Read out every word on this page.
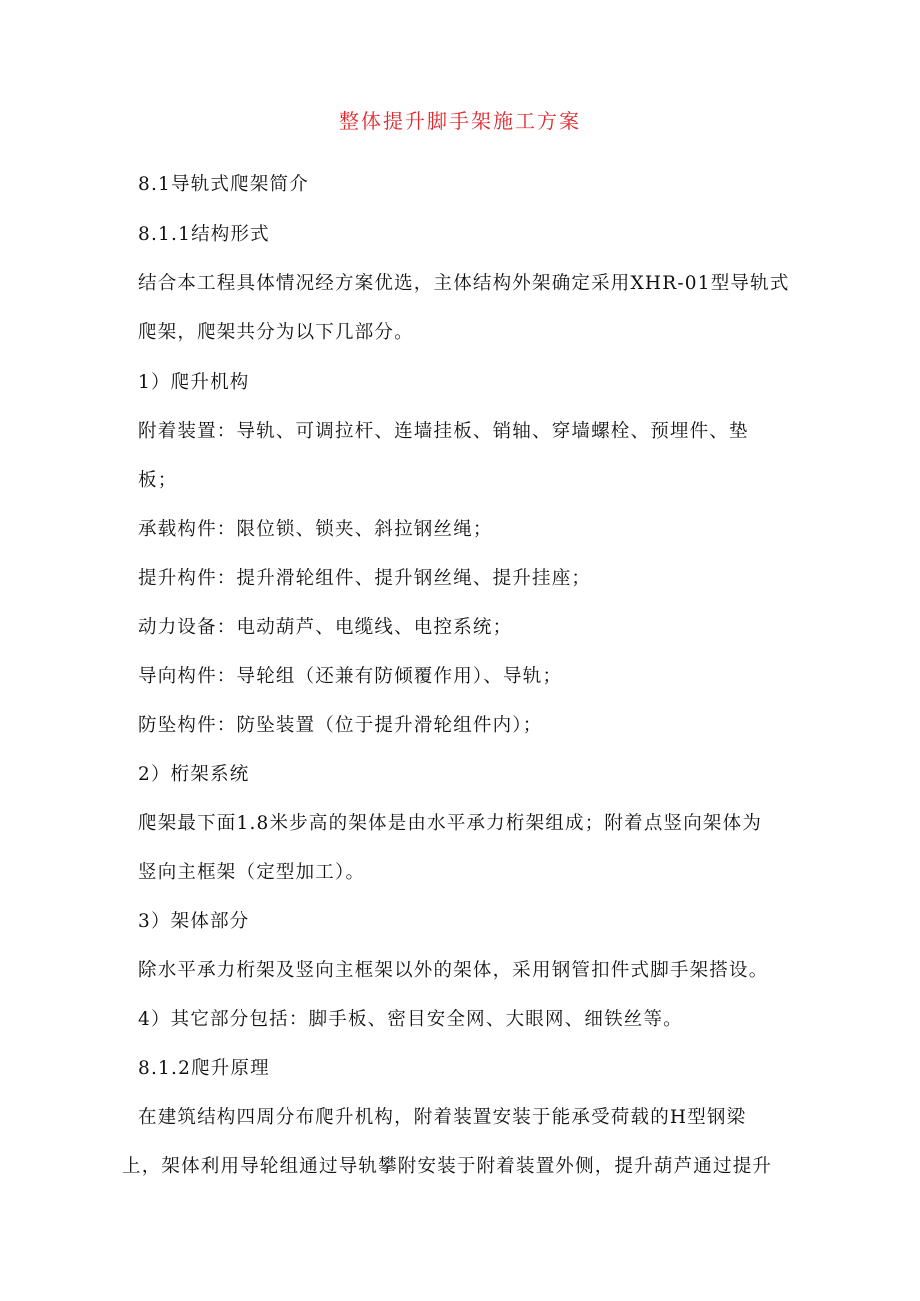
整体提升脚手架施工方案
8.1导轨式爬架简介
8.1.1结构形式
结合本工程具体情况经方案优选，主体结构外架确定采用XHR-01型导轨式
爬架，爬架共分为以下几部分。
1）爬升机构
附着装置：导轨、可调拉杆、连墙挂板、销轴、穿墙螺栓、预埋件、垫
板；
承载构件：限位锁、锁夹、斜拉钢丝绳；
提升构件：提升滑轮组件、提升钢丝绳、提升挂座；
动力设备：电动葫芦、电缆线、电控系统；
导向构件：导轮组（还兼有防倾覆作用）、导轨；
防坠构件：防坠装置（位于提升滑轮组件内）；
2）桁架系统
爬架最下面1.8米步高的架体是由水平承力桁架组成；附着点竖向架体为
竖向主框架（定型加工）。
3）架体部分
除水平承力桁架及竖向主框架以外的架体，采用钢管扣件式脚手架搭设。
4）其它部分包括：脚手板、密目安全网、大眼网、细铁丝等。
8.1.2爬升原理
在建筑结构四周分布爬升机构，附着装置安装于能承受荷载的H型钢梁
上，架体利用导轮组通过导轨攀附安装于附着装置外侧，提升葫芦通过提升
